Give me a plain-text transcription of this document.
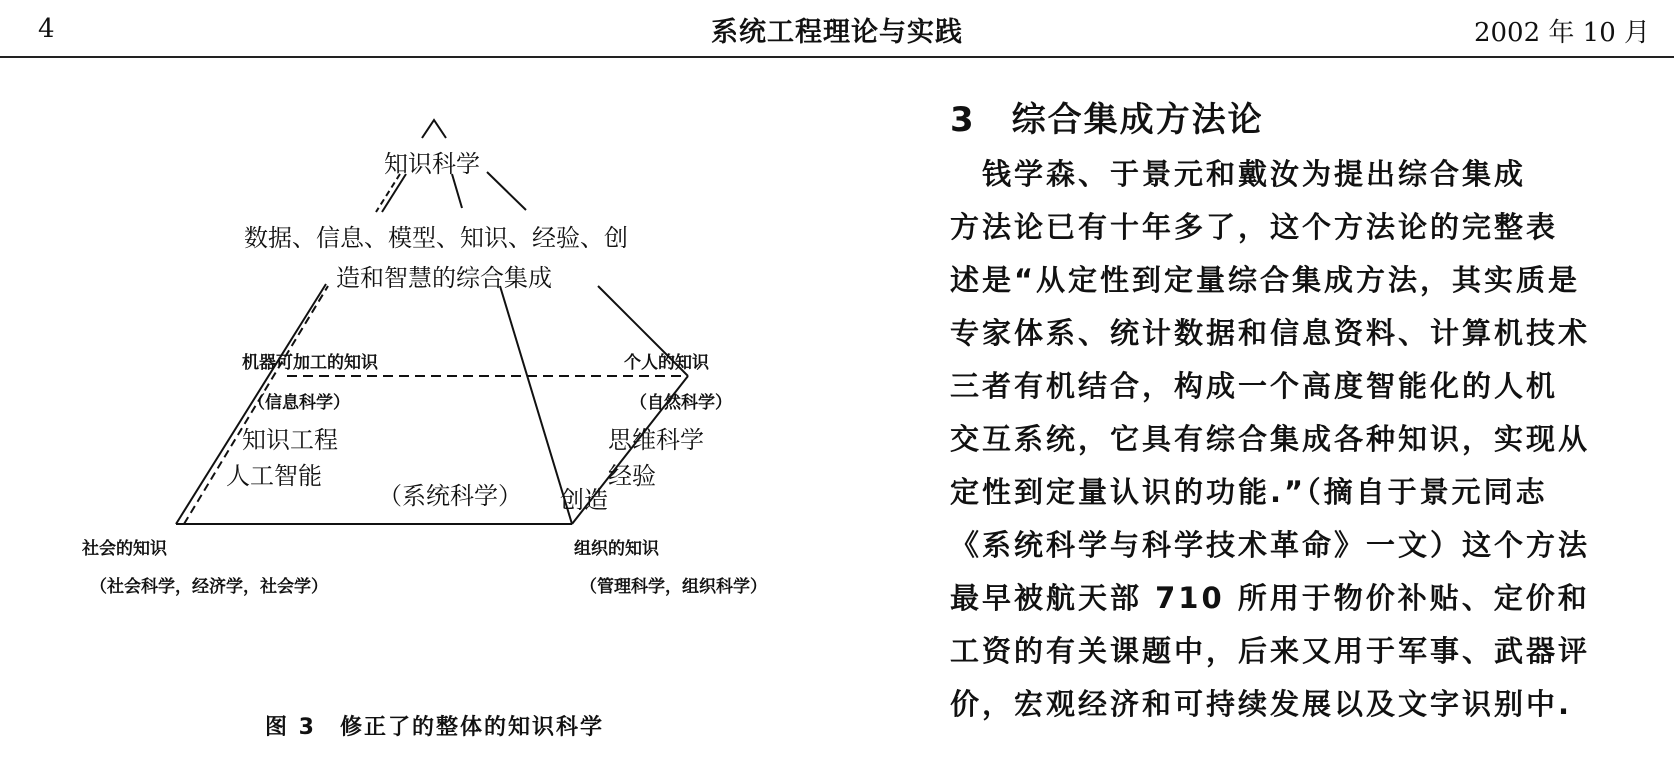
4	系统工程理论与实践	2002 年 10 月
知识科学
数据、信息、模型、知识、经验、创
造和智慧的综合集成
机器可加工的知识
（信息科学）
个人的知识
（自然科学）
知识工程
人工智能
思维科学
经验
创造
（系统科学）
社会的知识
（社会科学，经济学，社会学）
组织的知识
（管理科学，组织科学）
图 3　修正了的整体的知识科学
3　综合集成方法论
　钱学森、于景元和戴汝为提出综合集成
方法论已有十年多了，这个方法论的完整表
述是“从定性到定量综合集成方法，其实质是
专家体系、统计数据和信息资料、计算机技术
三者有机结合，构成一个高度智能化的人机
交互系统，它具有综合集成各种知识，实现从
定性到定量认识的功能.”（摘自于景元同志
《系统科学与科学技术革命》一文）这个方法
最早被航天部 710 所用于物价补贴、定价和
工资的有关课题中，后来又用于军事、武器评
价，宏观经济和可持续发展以及文字识别中.
